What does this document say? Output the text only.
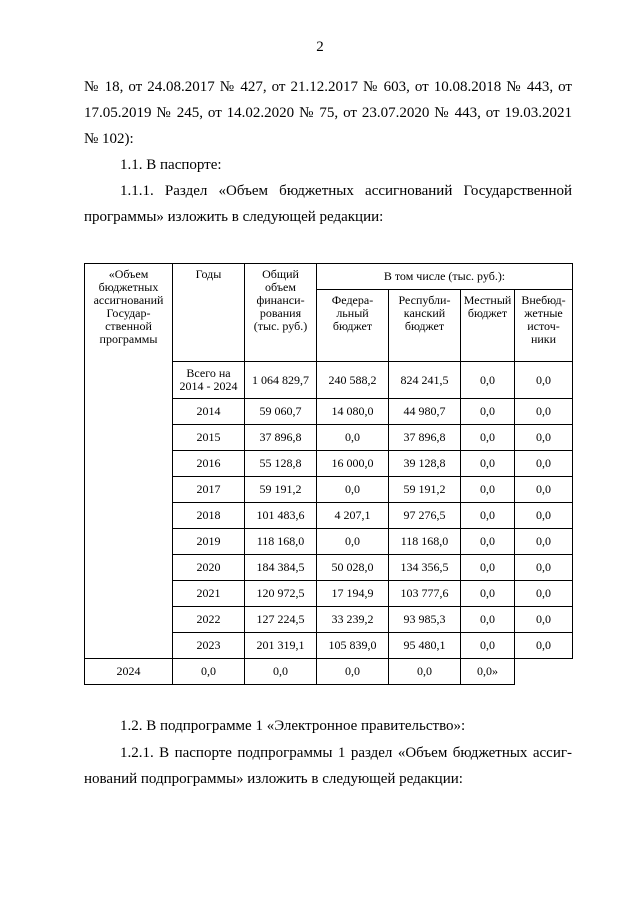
2
№ 18, от 24.08.2017 № 427, от 21.12.2017 № 603, от 10.08.2018 № 443, от
17.05.2019 № 245, от 14.02.2020 № 75, от 23.07.2020 № 443, от 19.03.2021
№ 102):
1.1. В паспорте:
1.1.1. Раздел «Объем бюджетных ассигнований Государственной
программы» изложить в следующей редакции:
«Объем бюджетных ассигнований Государственной программы	Годы	Общий объем финансирования (тыс. руб.)	В том числе (тыс. руб.):			
			Федеральный бюджет	Республиканский бюджет	Местный бюджет	Внебюджетные источники
	Всего на 2014 - 2024	1 064 829,7	240 588,2	824 241,5	0,0	0,0
	2014	59 060,7	14 080,0	44 980,7	0,0	0,0
	2015	37 896,8	0,0	37 896,8	0,0	0,0
	2016	55 128,8	16 000,0	39 128,8	0,0	0,0
	2017	59 191,2	0,0	59 191,2	0,0	0,0
	2018	101 483,6	4 207,1	97 276,5	0,0	0,0
	2019	118 168,0	0,0	118 168,0	0,0	0,0
	2020	184 384,5	50 028,0	134 356,5	0,0	0,0
	2021	120 972,5	17 194,9	103 777,6	0,0	0,0
	2022	127 224,5	33 239,2	93 985,3	0,0	0,0
	2023	201 319,1	105 839,0	95 480,1	0,0	0,0
2024	0,0	0,0	0,0	0,0	0,0»	
1.2. В подпрограмме 1 «Электронное правительство»:
1.2.1. В паспорте подпрограммы 1 раздел «Объем бюджетных ассиг-
нований подпрограммы» изложить в следующей редакции:
